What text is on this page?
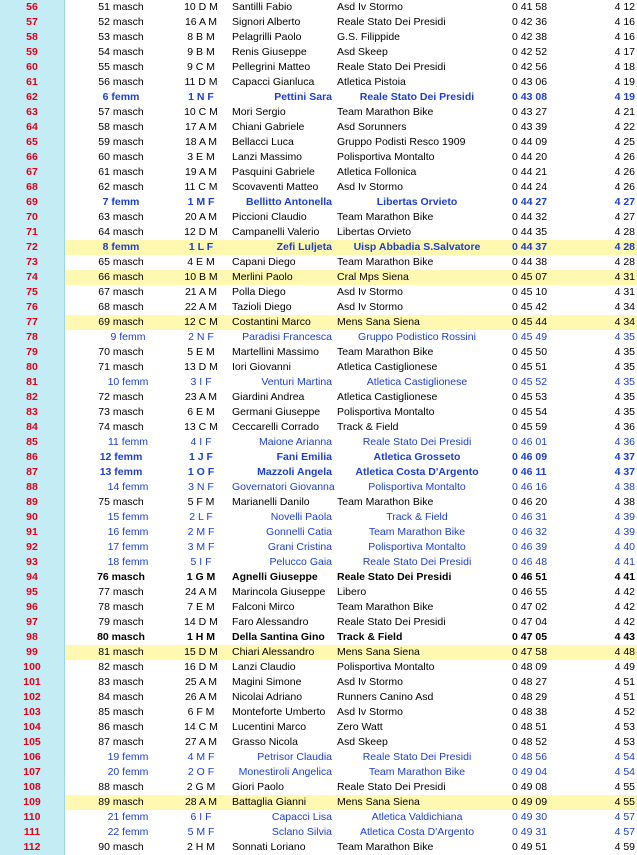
56	51 masch	10 D M	Santilli Fabio	Asd Iv Stormo	0 41 58	4 12
57	52 masch	16 A M	Signori Alberto	Reale Stato Dei Presidi	0 42 36	4 16
58	53 masch	8 B M	Pelagrilli Paolo	G.S. Filippide	0 42 38	4 16
59	54 masch	9 B M	Renis Giuseppe	Asd Skeep	0 42 52	4 17
60	55 masch	9 C M	Pellegrini Matteo	Reale Stato Dei Presidi	0 42 56	4 18
61	56 masch	11 D M	Capacci Gianluca	Atletica Pistoia	0 43 06	4 19
62	6 femm	1 N F	Pettini Sara	Reale Stato Dei Presidi	0 43 08	4 19
63	57 masch	10 C M	Mori Sergio	Team Marathon Bike	0 43 27	4 21
64	58 masch	17 A M	Chiani Gabriele	Asd Sorunners	0 43 39	4 22
65	59 masch	18 A M	Bellacci Luca	Gruppo Podisti Resco 1909	0 44 09	4 25
66	60 masch	3 E M	Lanzi Massimo	Polisportiva Montalto	0 44 20	4 26
67	61 masch	19 A M	Pasquini Gabriele	Atletica Follonica	0 44 21	4 26
68	62 masch	11 C M	Scovaventi Matteo	Asd Iv Stormo	0 44 24	4 26
69	7 femm	1 M F	Bellitto Antonella	Libertas Orvieto	0 44 27	4 27
70	63 masch	20 A M	Piccioni Claudio	Team Marathon Bike	0 44 32	4 27
71	64 masch	12 D M	Campanelli Valerio	Libertas Orvieto	0 44 35	4 28
72	8 femm	1 L F	Zefi Luljeta	Uisp Abbadia S.Salvatore	0 44 37	4 28
73	65 masch	4 E M	Capani Diego	Team Marathon Bike	0 44 38	4 28
74	66 masch	10 B M	Merlini Paolo	Cral Mps Siena	0 45 07	4 31
75	67 masch	21 A M	Polla Diego	Asd Iv Stormo	0 45 10	4 31
76	68 masch	22 A M	Tazioli Diego	Asd Iv Stormo	0 45 42	4 34
77	69 masch	12 C M	Costantini Marco	Mens Sana Siena	0 45 44	4 34
78	9 femm	2 N F	Paradisi Francesca	Gruppo Podistico Rossini	0 45 49	4 35
79	70 masch	5 E M	Martellini Massimo	Team Marathon Bike	0 45 50	4 35
80	71 masch	13 D M	Iori Giovanni	Atletica Castiglionese	0 45 51	4 35
81	10 femm	3 I F	Venturi Martina	Atletica Castiglionese	0 45 52	4 35
82	72 masch	23 A M	Giardini Andrea	Atletica Castiglionese	0 45 53	4 35
83	73 masch	6 E M	Germani Giuseppe	Polisportiva Montalto	0 45 54	4 35
84	74 masch	13 C M	Ceccarelli Corrado	Track & Field	0 45 59	4 36
85	11 femm	4 I F	Maione Arianna	Reale Stato Dei Presidi	0 46 01	4 36
86	12 femm	1 J F	Fani Emilia	Atletica Grosseto	0 46 09	4 37
87	13 femm	1 O F	Mazzoli Angela	Atletica Costa D'Argento	0 46 11	4 37
88	14 femm	3 N F	Governatori Giovanna	Polisportiva Montalto	0 46 16	4 38
89	75 masch	5 F M	Marianelli Danilo	Team Marathon Bike	0 46 20	4 38
90	15 femm	2 L F	Novelli Paola	Track & Field	0 46 31	4 39
91	16 femm	2 M F	Gonnelli Catia	Team Marathon Bike	0 46 32	4 39
92	17 femm	3 M F	Grani Cristina	Polisportiva Montalto	0 46 39	4 40
93	18 femm	5 I F	Pelucco Gaia	Reale Stato Dei Presidi	0 46 48	4 41
94	76 masch	1 G M	Agnelli Giuseppe	Reale Stato Dei Presidi	0 46 51	4 41
95	77 masch	24 A M	Marincola Giuseppe	Libero	0 46 55	4 42
96	78 masch	7 E M	Falconi Mirco	Team Marathon Bike	0 47 02	4 42
97	79 masch	14 D M	Faro Alessandro	Reale Stato Dei Presidi	0 47 04	4 42
98	80 masch	1 H M	Della Santina Gino	Track & Field	0 47 05	4 43
99	81 masch	15 D M	Chiari Alessandro	Mens Sana Siena	0 47 58	4 48
100	82 masch	16 D M	Lanzi Claudio	Polisportiva Montalto	0 48 09	4 49
101	83 masch	25 A M	Magini Simone	Asd Iv Stormo	0 48 27	4 51
102	84 masch	26 A M	Nicolai Adriano	Runners Canino Asd	0 48 29	4 51
103	85 masch	6 F M	Monteforte Umberto	Asd Iv Stormo	0 48 38	4 52
104	86 masch	14 C M	Lucentini Marco	Zero Watt	0 48 51	4 53
105	87 masch	27 A M	Grasso Nicola	Asd Skeep	0 48 52	4 53
106	19 femm	4 M F	Petrisor Claudia	Reale Stato Dei Presidi	0 48 56	4 54
107	20 femm	2 O F	Monestiroli Angelica	Team Marathon Bike	0 49 04	4 54
108	88 masch	2 G M	Giori Paolo	Reale Stato Dei Presidi	0 49 08	4 55
109	89 masch	28 A M	Battaglia Gianni	Mens Sana Siena	0 49 09	4 55
110	21 femm	6 I F	Capacci Lisa	Atletica Valdichiana	0 49 30	4 57
111	22 femm	5 M F	Sclano Silvia	Atletica Costa D'Argento	0 49 31	4 57
112	90 masch	2 H M	Sonnati Loriano	Team Marathon Bike	0 49 51	4 59
